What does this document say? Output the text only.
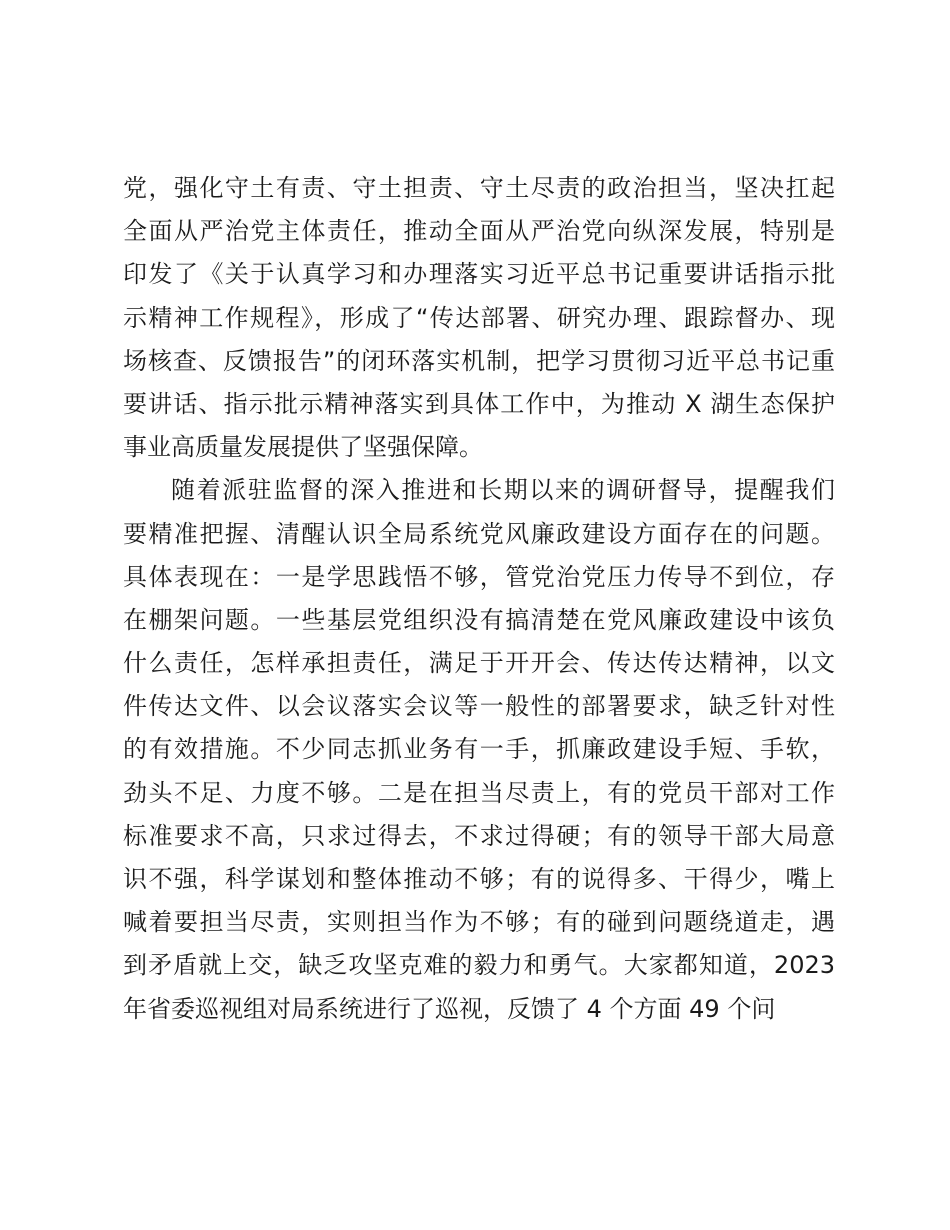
党，强化守土有责、守土担责、守土尽责的政治担当，坚决扛起
全面从严治党主体责任，推动全面从严治党向纵深发展，特别是
印发了《关于认真学习和办理落实习近平总书记重要讲话指示批
示精神工作规程》，形成了“传达部署、研究办理、跟踪督办、现
场核查、反馈报告”的闭环落实机制，把学习贯彻习近平总书记重
要讲话、指示批示精神落实到具体工作中，为推动 X 湖生态保护
事业高质量发展提供了坚强保障。
随着派驻监督的深入推进和长期以来的调研督导，提醒我们
要精准把握、清醒认识全局系统党风廉政建设方面存在的问题。
具体表现在：一是学思践悟不够，管党治党压力传导不到位，存
在棚架问题。一些基层党组织没有搞清楚在党风廉政建设中该负
什么责任，怎样承担责任，满足于开开会、传达传达精神，以文
件传达文件、以会议落实会议等一般性的部署要求，缺乏针对性
的有效措施。不少同志抓业务有一手，抓廉政建设手短、手软，
劲头不足、力度不够。二是在担当尽责上，有的党员干部对工作
标准要求不高，只求过得去，不求过得硬；有的领导干部大局意
识不强，科学谋划和整体推动不够；有的说得多、干得少，嘴上
喊着要担当尽责，实则担当作为不够；有的碰到问题绕道走，遇
到矛盾就上交，缺乏攻坚克难的毅力和勇气。大家都知道，2023
年省委巡视组对局系统进行了巡视，反馈了 4 个方面 49 个问
